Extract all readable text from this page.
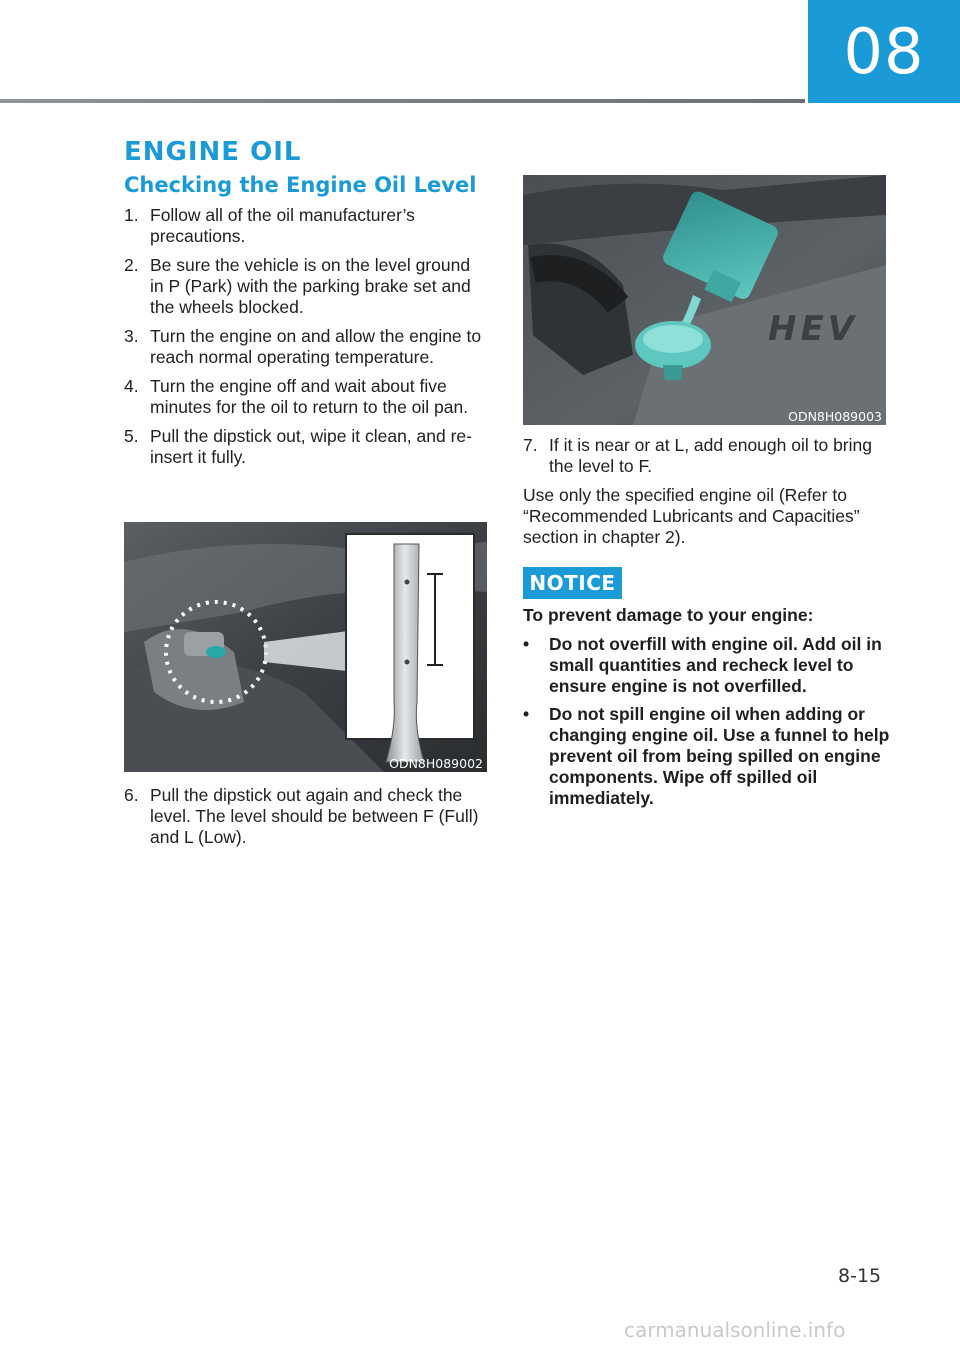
08
ENGINE OIL
Checking the Engine Oil Level
1. Follow all of the oil manufacturer’s precautions.
2. Be sure the vehicle is on the level ground in P (Park) with the parking brake set and the wheels blocked.
3. Turn the engine on and allow the engine to reach normal operating temperature.
4. Turn the engine off and wait about five minutes for the oil to return to the oil pan.
5. Pull the dipstick out, wipe it clean, and re-insert it fully.
ODN8H089002
6. Pull the dipstick out again and check the level. The level should be between F (Full) and L (Low).
HEV
ODN8H089003
7. If it is near or at L, add enough oil to bring the level to F.

Use only the specified engine oil (Refer to “Recommended Lubricants and Capacities” section in chapter 2).

NOTICE
To prevent damage to your engine:
•	Do not overfill with engine oil. Add oil in small quantities and recheck level to ensure engine is not overfilled.
•	Do not spill engine oil when adding or changing engine oil. Use a funnel to help prevent oil from being spilled on engine components. Wipe off spilled oil immediately.
8-15
carmanualsonline.info
